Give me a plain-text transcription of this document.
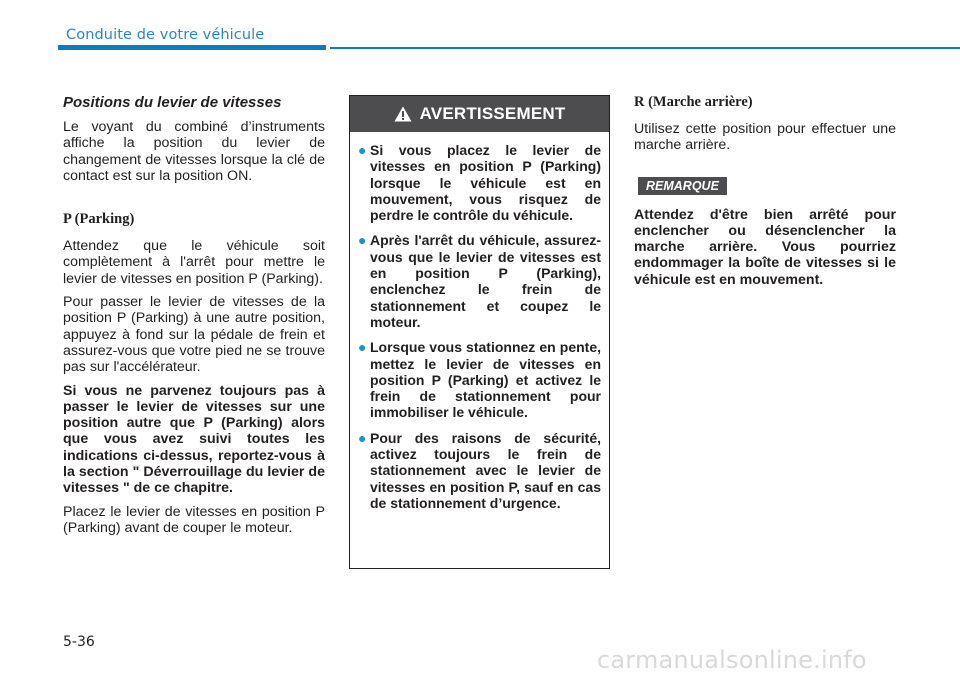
Conduite de votre véhicule
Positions du levier de vitesses

Le voyant du combiné d’instruments affiche la position du levier de changement de vitesses lorsque la clé de contact est sur la position ON.

P (Parking)

Attendez que le véhicule soit complètement à l'arrêt pour mettre le levier de vitesses en position P (Parking).

Pour passer le levier de vitesses de la position P (Parking) à une autre position, appuyez à fond sur la pédale de frein et assurez-vous que votre pied ne se trouve pas sur l'accélérateur.

Si vous ne parvenez toujours pas à passer le levier de vitesses sur une position autre que P (Parking) alors que vous avez suivi toutes les indications ci-dessus, reportez-vous à la section " Déverrouillage du levier de vitesses " de ce chapitre.

Placez le levier de vitesses en position P (Parking) avant de couper le moteur.

AVERTISSEMENT
● Si vous placez le levier de vitesses en position P (Parking) lorsque le véhicule est en mouvement, vous risquez de perdre le contrôle du véhicule.
● Après l'arrêt du véhicule, assurez-vous que le levier de vitesses est en position P (Parking), enclenchez le frein de stationnement et coupez le moteur.
● Lorsque vous stationnez en pente, mettez le levier de vitesses en position P (Parking) et activez le frein de stationnement pour immobiliser le véhicule.
● Pour des raisons de sécurité, activez toujours le frein de stationnement avec le levier de vitesses en position P, sauf en cas de stationnement d’urgence.
R (Marche arrière)

Utilisez cette position pour effectuer une marche arrière.

REMARQUE

Attendez d'être bien arrêté pour enclencher ou désenclencher la marche arrière. Vous pourriez endommager la boîte de vitesses si le véhicule est en mouvement.

5-36
carmanualsonline.info
